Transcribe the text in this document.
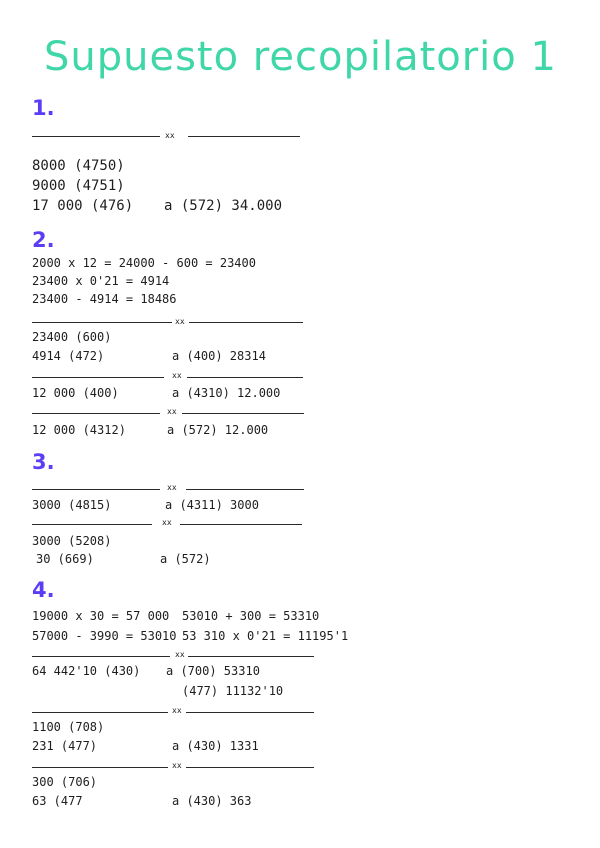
Supuesto recopilatorio 1
1.
xx
8000 (4750)
9000 (4751)
17 000 (476) a (572) 34.000
2.
2000 x 12 = 24000 - 600 = 23400
23400 x 0'21 = 4914
23400 - 4914 = 18486
xx
23400 (600)
4914 (472)	a (400) 28314
xx
12 000 (400)	a (4310) 12.000
xx
12 000 (4312)	a (572) 12.000
3.
xx
3000 (4815)	a (4311) 3000
xx
3000 (5208)
30 (669)	a (572)
4.
19000 x 30 = 57 000 53010 + 300 = 53310
57000 - 3990 = 53010 53 310 x 0'21 = 11195'1
xx
64 442'10 (430) a (700) 53310
(477) 11132'10
xx
1100 (708)
231 (477)	a (430) 1331
xx
300 (706)
63 (477	a (430) 363
